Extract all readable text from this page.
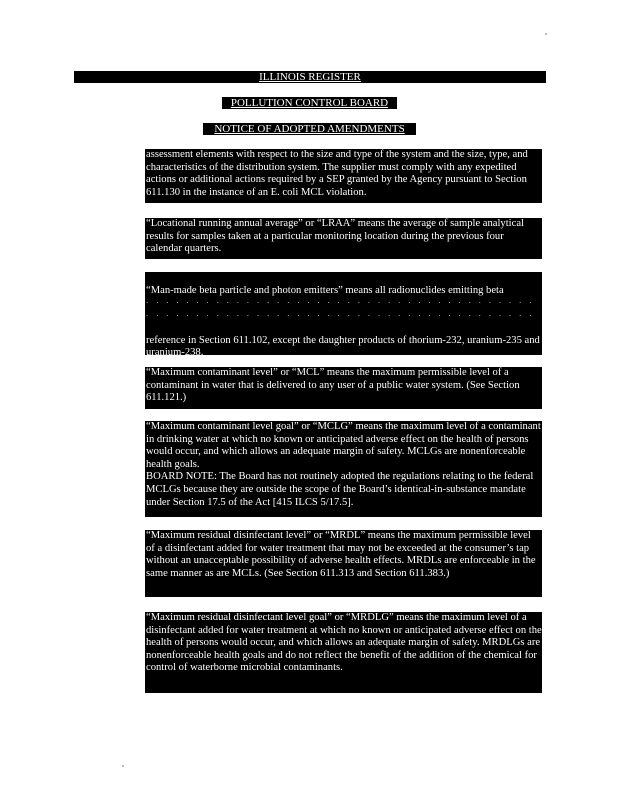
ILLINOIS REGISTER
POLLUTION CONTROL BOARD
NOTICE OF ADOPTED AMENDMENTS
assessment elements with respect to the size and type of the system and the size, type, and characteristics of the distribution system. The supplier must comply with any expedited actions or additional actions required by a SEP granted by the Agency pursuant to Section 611.130 in the instance of an E. coli MCL violation.
“Locational running annual average” or “LRAA” means the average of sample analytical results for samples taken at a particular monitoring location during the previous four calendar quarters.

“Man-made beta particle and photon emitters” means all radionuclides emitting beta

· · · · · · · · · · · · · · · · · · · · · · · · · · · · · · · · · · · · · · · · · · · · · · · · · · · · · · · · · · · · · · · · · · · · · · · · · · · · · ·

reference in Section 611.102, except the daughter products of thorium-232, uranium-235 and uranium-238.

“Maximum contaminant level” or “MCL” means the maximum permissible level of a contaminant in water that is delivered to any user of a public water system. (See Section 611.121.)
“Maximum contaminant level goal” or “MCLG” means the maximum level of a contaminant in drinking water at which no known or anticipated adverse effect on the health of persons would occur, and which allows an adequate margin of safety. MCLGs are nonenforceable health goals.
BOARD NOTE: The Board has not routinely adopted the regulations relating to the federal MCLGs because they are outside the scope of the Board’s identical-in-substance mandate under Section 17.5 of the Act [415 ILCS 5/17.5].
“Maximum residual disinfectant level” or “MRDL” means the maximum permissible level of a disinfectant added for water treatment that may not be exceeded at the consumer’s tap without an unacceptable possibility of adverse health effects. MRDLs are enforceable in the same manner as are MCLs. (See Section 611.313 and Section 611.383.)
“Maximum residual disinfectant level goal” or “MRDLG” means the maximum level of a disinfectant added for water treatment at which no known or anticipated adverse effect on the health of persons would occur, and which allows an adequate margin of safety. MRDLGs are nonenforceable health goals and do not reflect the benefit of the addition of the chemical for control of waterborne microbial contaminants.
